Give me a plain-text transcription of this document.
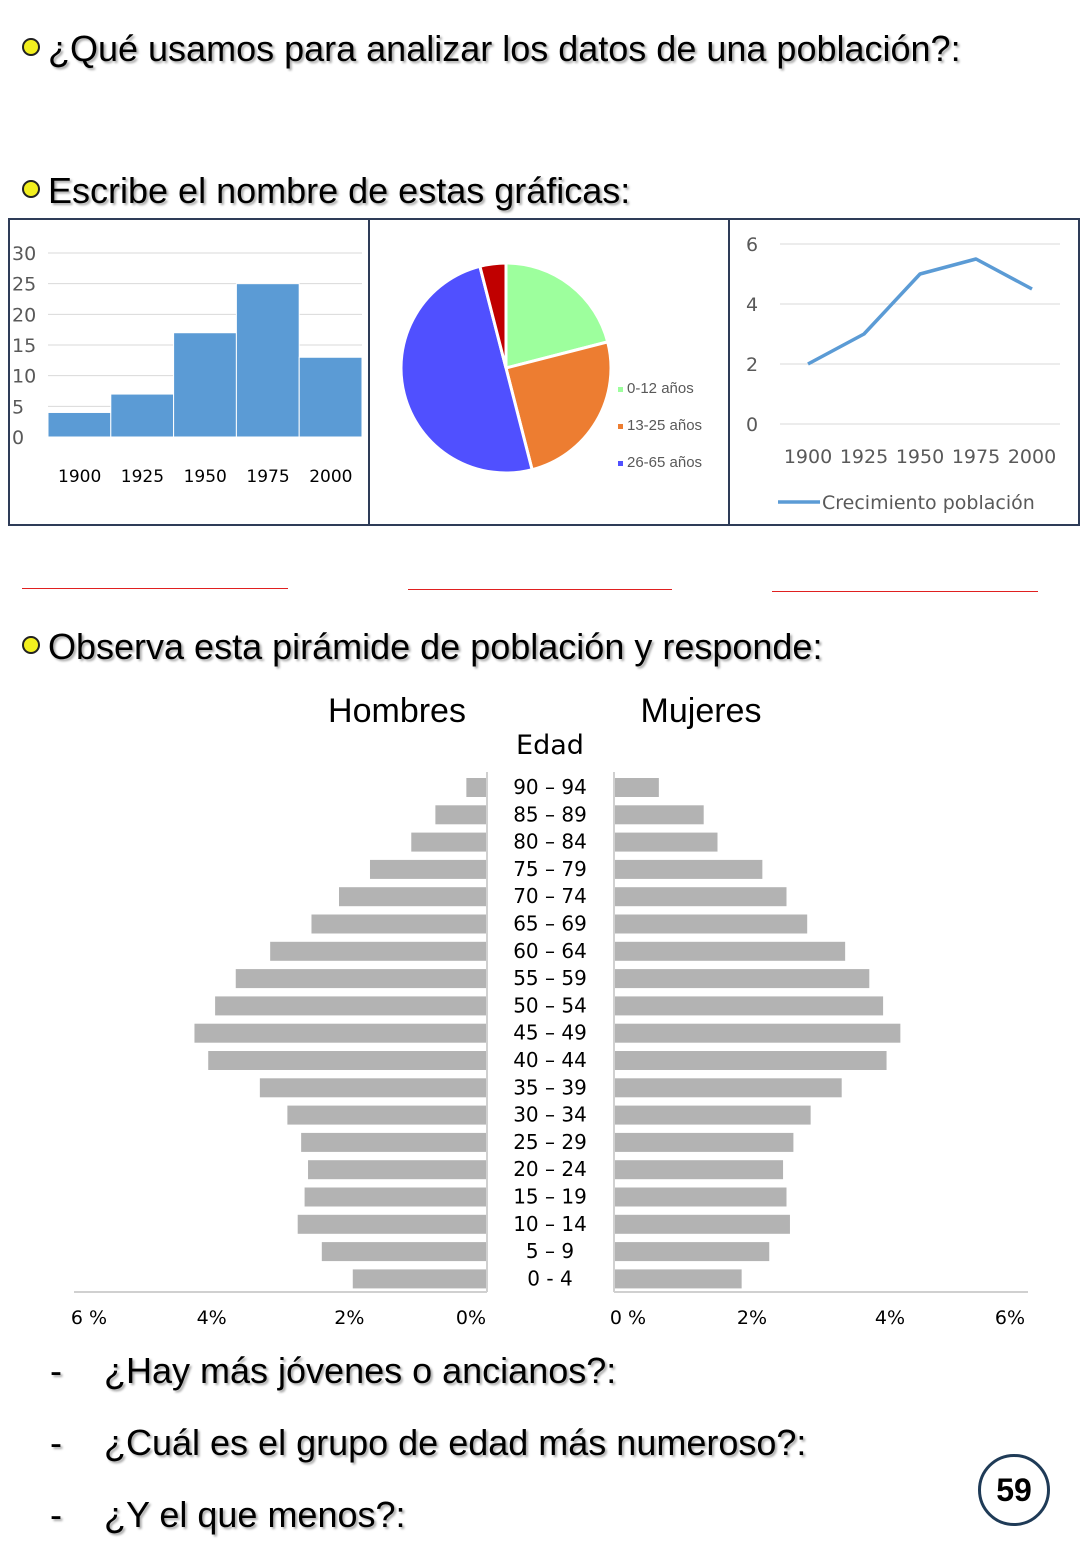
¿Qué usamos para analizar los datos de una población?:
Escribe el nombre de estas gráficas:
0
5
10
15
20
25
30
1900 1925 1950 1975 2000
0-12 años
13-25 años
26-65 años
0
2
4
6
1900 1925 1950 1975 2000
Crecimiento población
Observa esta pirámide de población y responde:
Hombres	Mujeres
Edad
90 – 94
85 – 89
80 – 84
75 – 79
70 – 74
65 – 69
60 – 64
55 – 59
50 – 54
45 – 49
40 – 44
35 – 39
30 – 34
25 – 29
20 – 24
15 – 19
10 – 14
5 – 9
0 - 4
6 %	4%	2%	0%	0 %	2%	4%	6%
- ¿Hay más jóvenes o ancianos?:
- ¿Cuál es el grupo de edad más numeroso?:
- ¿Y el que menos?:
59
